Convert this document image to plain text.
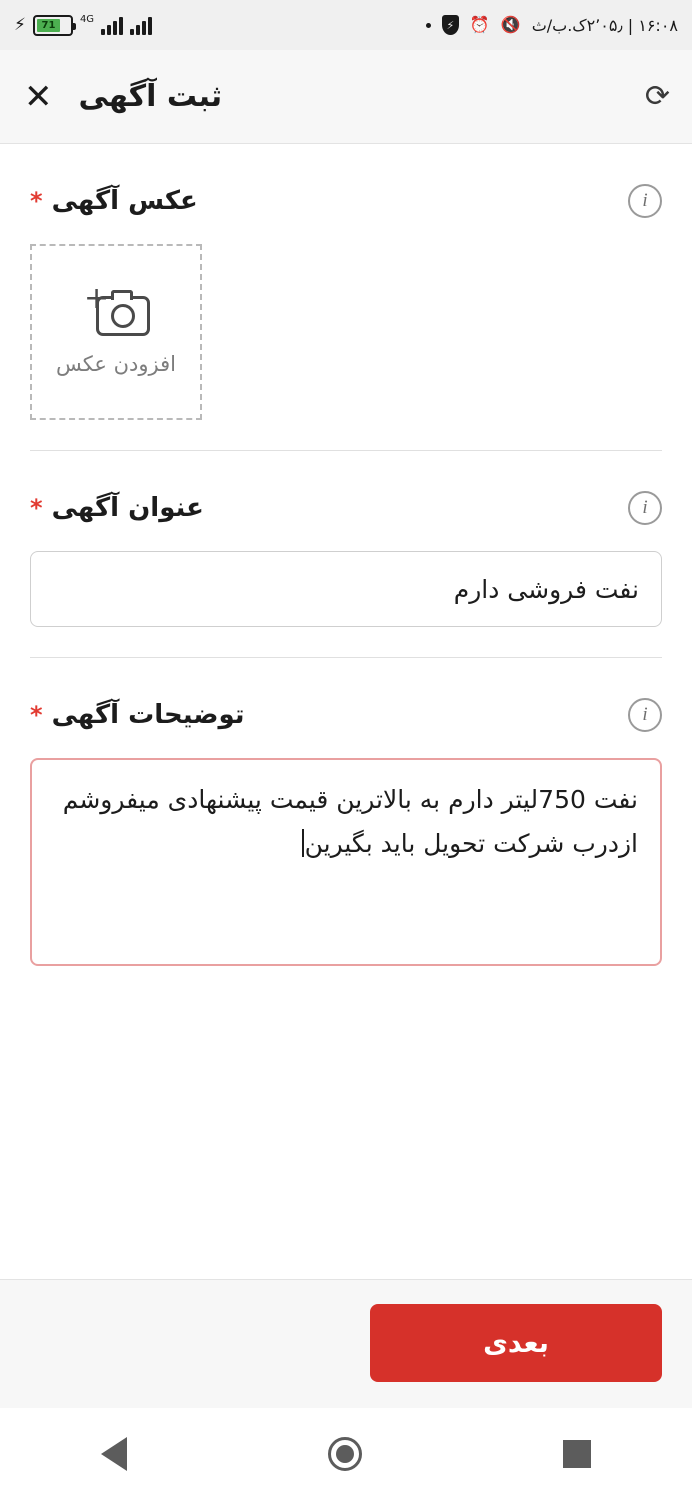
⚡ 71
4G	⚡ ⏰ 🔇 ۱۶:۰۸ | ۲٬۰۵٫ک.ب/ث
⟳
ثبت آگهی
✕
i
عکس آگهی
*
+
افزودن عکس
i
عنوان آگهی
*
نفت فروشی دارم
i
توضیحات آگهی
*
نفت 750لیتر دارم به بالاترین قیمت پیشنهادی میفروشم ازدرب شرکت تحویل باید بگیرین
بعدی
